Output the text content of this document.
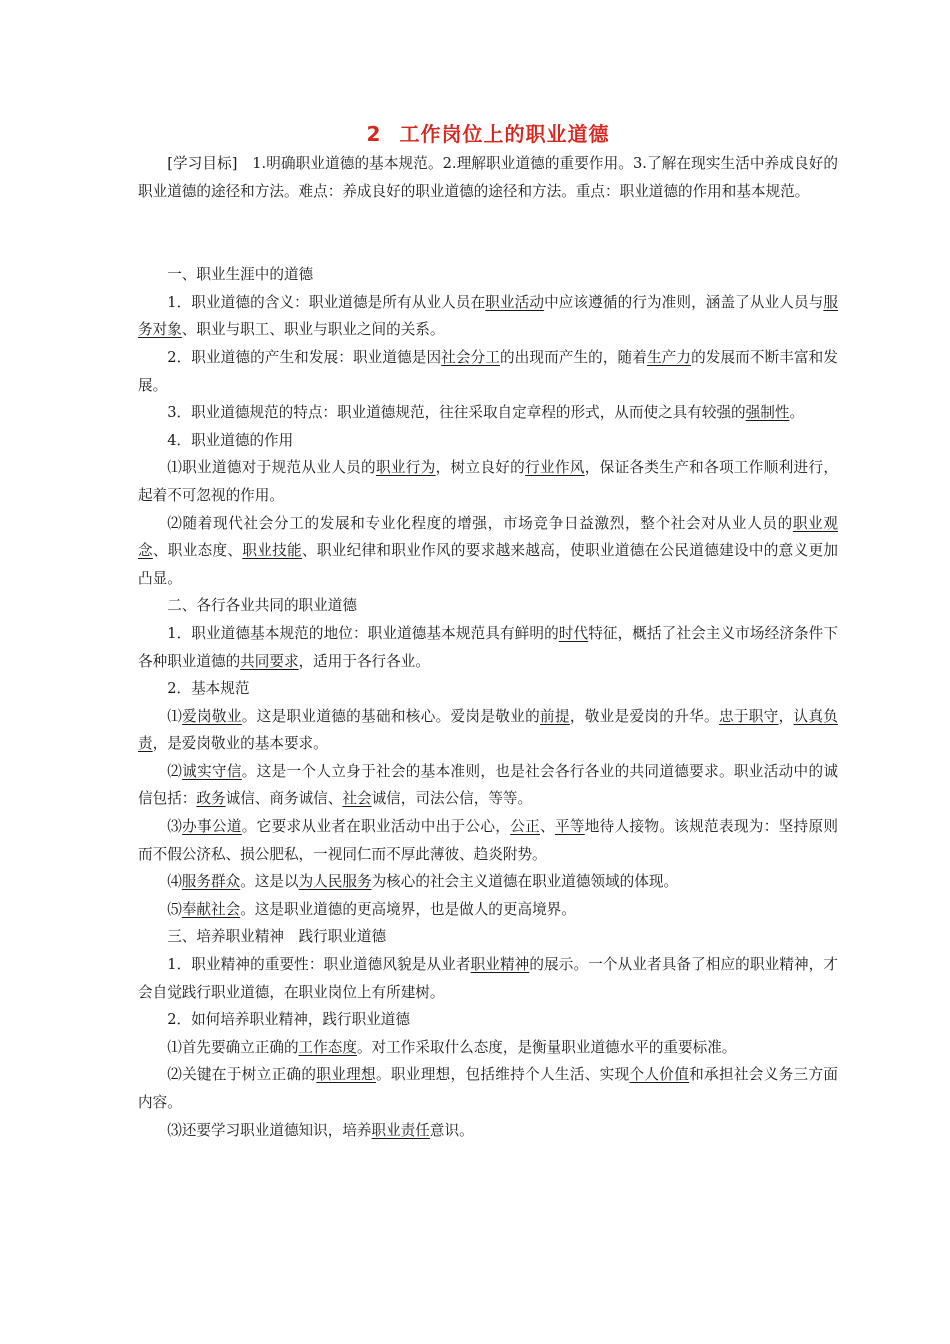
2 工作岗位上的职业道德

[学习目标]　1.明确职业道德的基本规范。2.理解职业道德的重要作用。3.了解在现实生活中养成良好的职业道德的途径和方法。难点：养成良好的职业道德的途径和方法。重点：职业道德的作用和基本规范。

一、职业生涯中的道德

1．职业道德的含义：职业道德是所有从业人员在职业活动中应该遵循的行为准则，涵盖了从业人员与服务对象、职业与职工、职业与职业之间的关系。

2．职业道德的产生和发展：职业道德是因社会分工的出现而产生的，随着生产力的发展而不断丰富和发展。

3．职业道德规范的特点：职业道德规范，往往采取自定章程的形式，从而使之具有较强的强制性。

4．职业道德的作用

⑴职业道德对于规范从业人员的职业行为，树立良好的行业作风，保证各类生产和各项工作顺利进行，起着不可忽视的作用。

⑵随着现代社会分工的发展和专业化程度的增强，市场竞争日益激烈，整个社会对从业人员的职业观念、职业态度、职业技能、职业纪律和职业作风的要求越来越高，使职业道德在公民道德建设中的意义更加凸显。

二、各行各业共同的职业道德

1．职业道德基本规范的地位：职业道德基本规范具有鲜明的时代特征，概括了社会主义市场经济条件下各种职业道德的共同要求，适用于各行各业。

2．基本规范

⑴爱岗敬业。这是职业道德的基础和核心。爱岗是敬业的前提，敬业是爱岗的升华。忠于职守，认真负责，是爱岗敬业的基本要求。

⑵诚实守信。这是一个人立身于社会的基本准则，也是社会各行各业的共同道德要求。职业活动中的诚信包括：政务诚信、商务诚信、社会诚信，司法公信，等等。

⑶办事公道。它要求从业者在职业活动中出于公心，公正、平等地待人接物。该规范表现为：坚持原则而不假公济私、损公肥私，一视同仁而不厚此薄彼、趋炎附势。

⑷服务群众。这是以为人民服务为核心的社会主义道德在职业道德领域的体现。

⑸奉献社会。这是职业道德的更高境界，也是做人的更高境界。

三、培养职业精神　践行职业道德

1．职业精神的重要性：职业道德风貌是从业者职业精神的展示。一个从业者具备了相应的职业精神，才会自觉践行职业道德，在职业岗位上有所建树。

2．如何培养职业精神，践行职业道德

⑴首先要确立正确的工作态度。对工作采取什么态度，是衡量职业道德水平的重要标准。

⑵关键在于树立正确的职业理想。职业理想，包括维持个人生活、实现个人价值和承担社会义务三方面内容。

⑶还要学习职业道德知识，培养职业责任意识。
